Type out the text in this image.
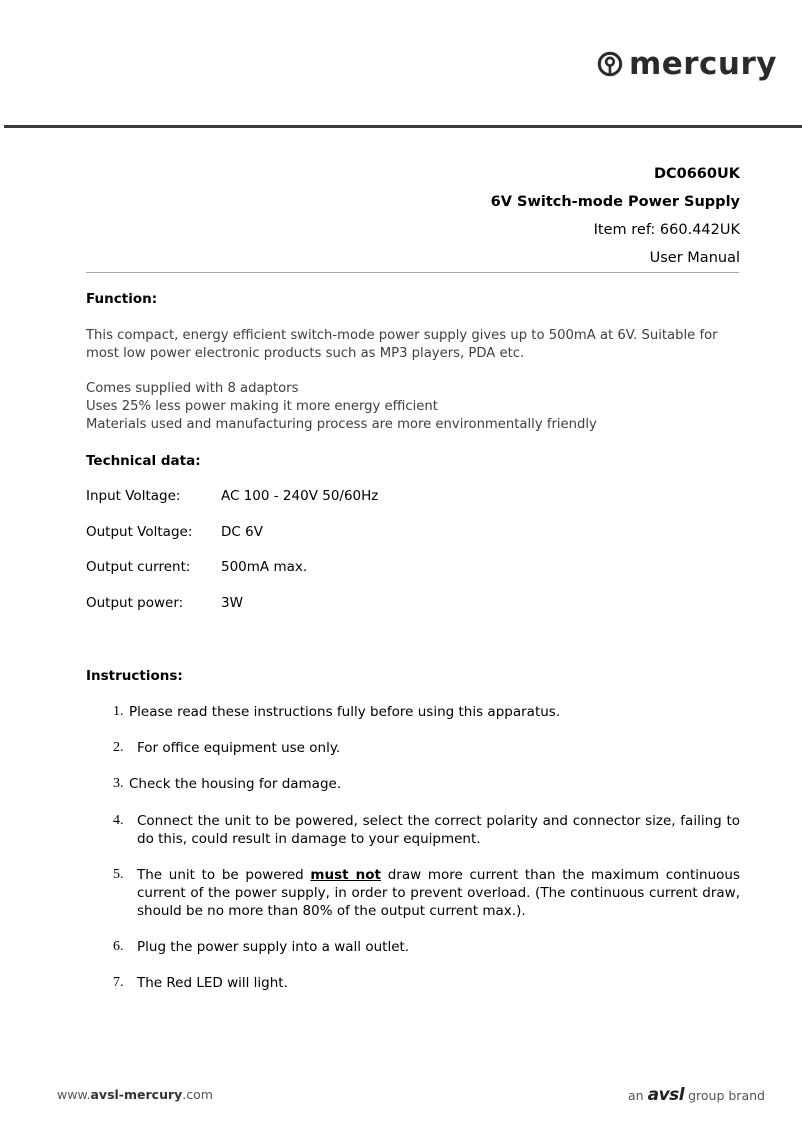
mercury
DC0660UK
6V Switch-mode Power Supply
Item ref: 660.442UK
User Manual
Function:
This compact, energy efficient switch-mode power supply gives up to 500mA at 6V. Suitable for
most low power electronic products such as MP3 players, PDA etc.
Comes supplied with 8 adaptors
Uses 25% less power making it more energy efficient
Materials used and manufacturing process are more environmentally friendly
Technical data:
Input Voltage:	AC 100 - 240V 50/60Hz
Output Voltage: DC 6V
Output current: 500mA max.
Output power:	3W
Instructions:
1. Please read these instructions fully before using this apparatus.
2. For office equipment use only.
3. Check the housing for damage.
4. Connect the unit to be powered, select the correct polarity and connector size, failing to do this, could result in damage to your equipment.
5. The unit to be powered must not draw more current than the maximum continuous current of the power supply, in order to prevent overload. (The continuous current draw, should be no more than 80% of the output current max.).
6. Plug the power supply into a wall outlet.
7. The Red LED will light.
www.avsl-mercury.com	an avsl group brand
